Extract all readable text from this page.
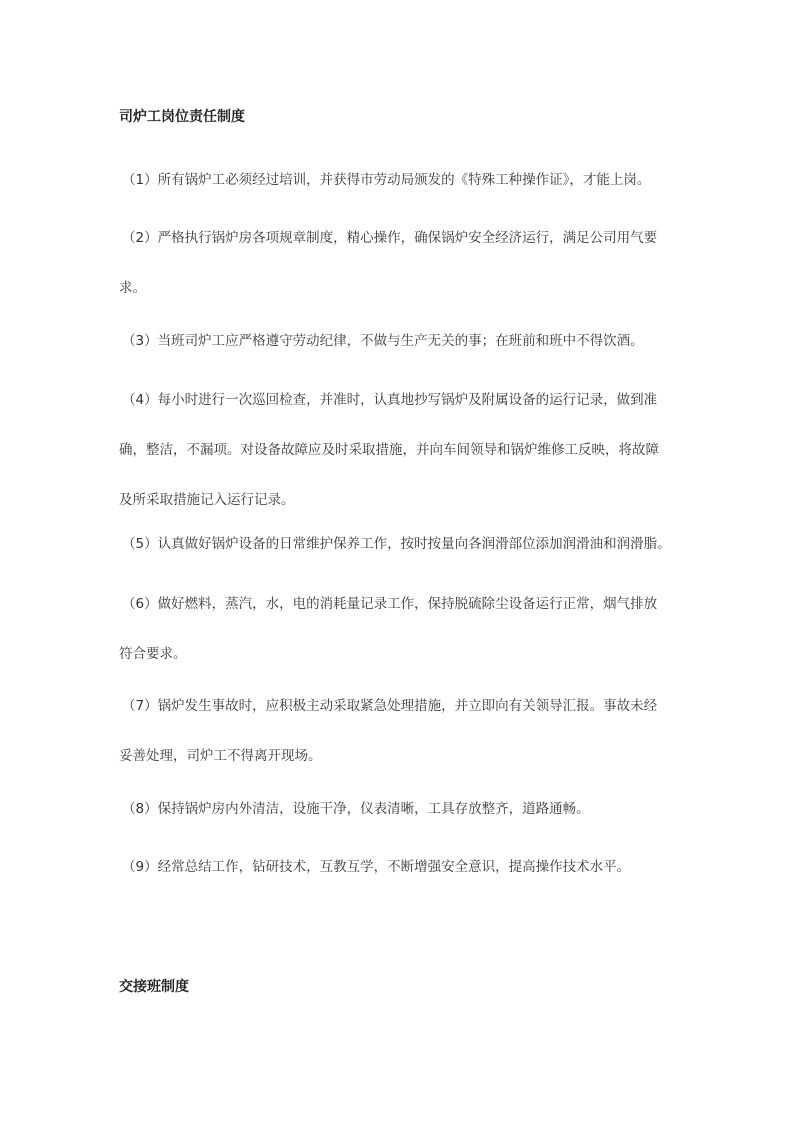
司炉工岗位责任制度
（1）所有锅炉工必须经过培训，并获得市劳动局颁发的《特殊工种操作证》，才能上岗。
（2）严格执行锅炉房各项规章制度，精心操作，确保锅炉安全经济运行，满足公司用气要
求。
（3）当班司炉工应严格遵守劳动纪律，不做与生产无关的事；在班前和班中不得饮酒。
（4）每小时进行一次巡回检查，并准时，认真地抄写锅炉及附属设备的运行记录，做到准
确，整洁，不漏项。对设备故障应及时采取措施，并向车间领导和锅炉维修工反映，将故障
及所采取措施记入运行记录。
（5）认真做好锅炉设备的日常维护保养工作，按时按量向各润滑部位添加润滑油和润滑脂。
（6）做好燃料，蒸汽，水，电的消耗量记录工作，保持脱硫除尘设备运行正常，烟气排放
符合要求。
（7）锅炉发生事故时，应积极主动采取紧急处理措施，并立即向有关领导汇报。事故未经
妥善处理，司炉工不得离开现场。
（8）保持锅炉房内外清洁，设施干净，仪表清晰，工具存放整齐，道路通畅。
（9）经常总结工作，钻研技术，互教互学，不断增强安全意识，提高操作技术水平。
交接班制度
